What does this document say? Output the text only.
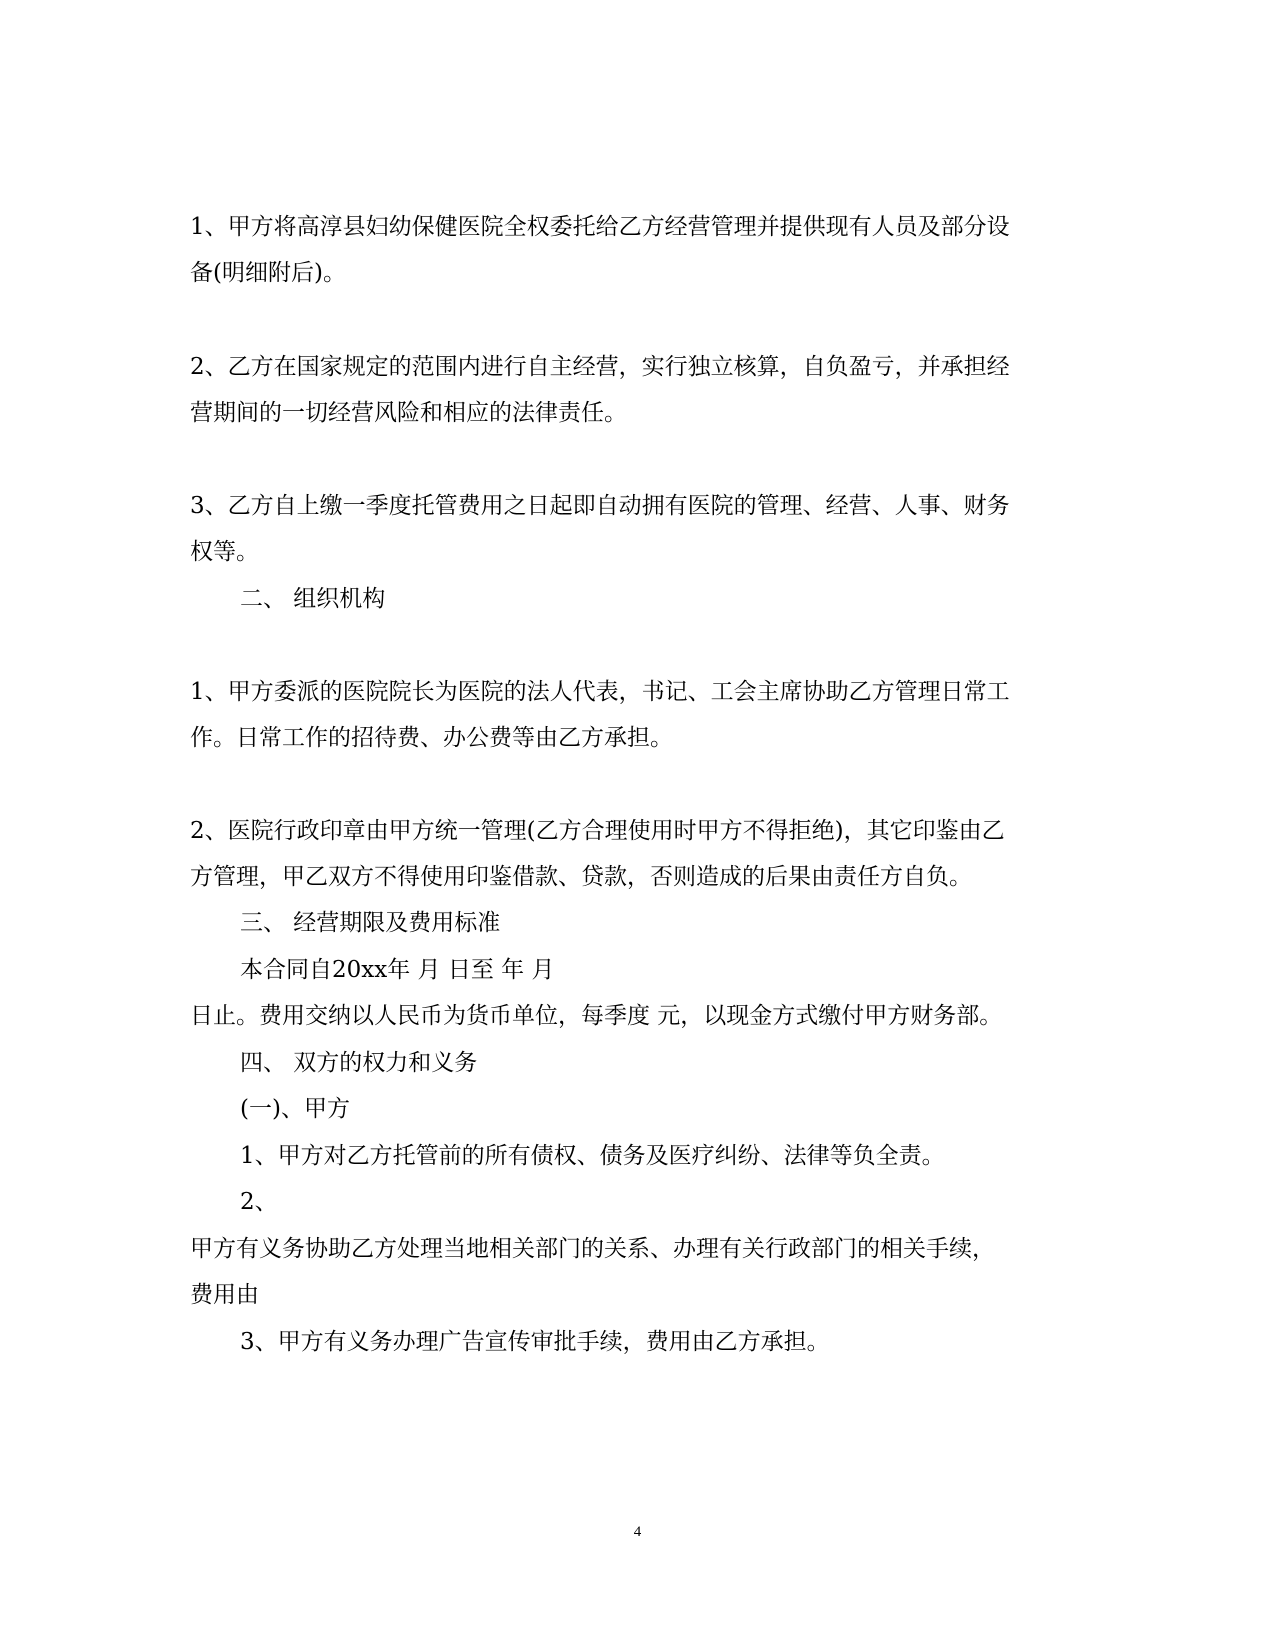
1、甲方将高淳县妇幼保健医院全权委托给乙方经营管理并提供现有人员及部分设
备(明细附后)。
2、乙方在国家规定的范围内进行自主经营，实行独立核算，自负盈亏，并承担经
营期间的一切经营风险和相应的法律责任。
3、乙方自上缴一季度托管费用之日起即自动拥有医院的管理、经营、人事、财务
权等。
二、 组织机构
1、甲方委派的医院院长为医院的法人代表，书记、工会主席协助乙方管理日常工
作。日常工作的招待费、办公费等由乙方承担。
2、医院行政印章由甲方统一管理(乙方合理使用时甲方不得拒绝)，其它印鉴由乙
方管理，甲乙双方不得使用印鉴借款、贷款，否则造成的后果由责任方自负。
三、 经营期限及费用标准
本合同自20xx年 月 日至 年 月
日止。费用交纳以人民币为货币单位，每季度 元，以现金方式缴付甲方财务部。
四、 双方的权力和义务
(一)、甲方
1、甲方对乙方托管前的所有债权、债务及医疗纠纷、法律等负全责。
2、
甲方有义务协助乙方处理当地相关部门的关系、办理有关行政部门的相关手续，
费用由
3、甲方有义务办理广告宣传审批手续，费用由乙方承担。
4
